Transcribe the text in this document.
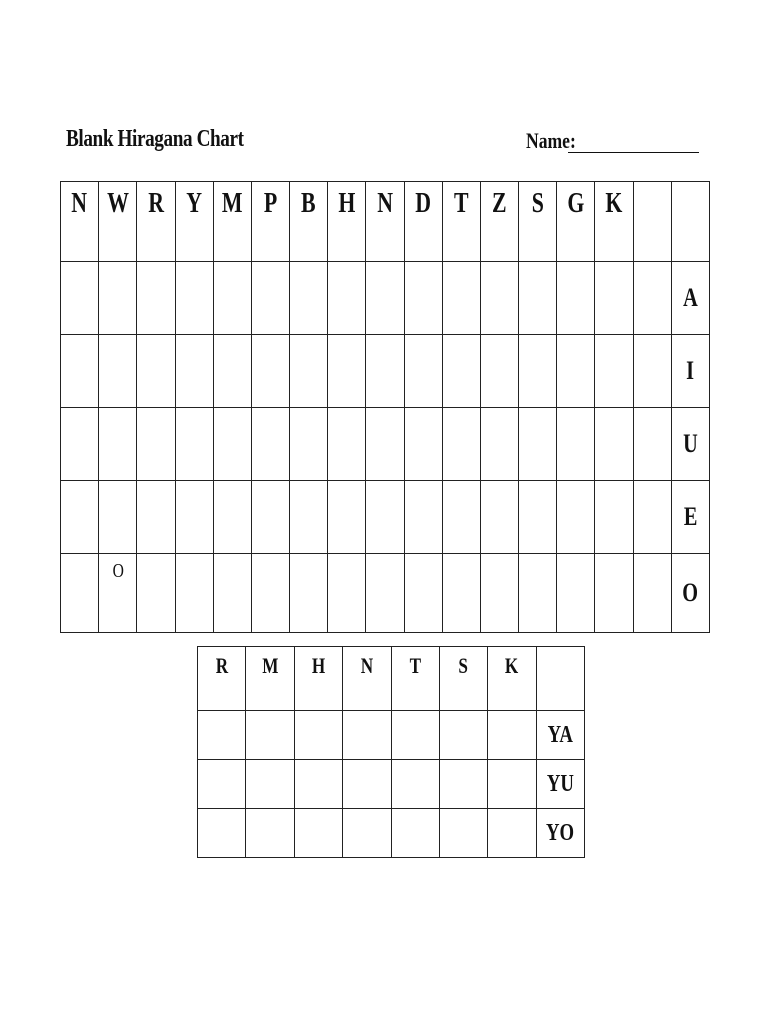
Blank Hiragana Chart	Name:
N	W	R	Y	M	P	B	H	N	D	T	Z	S	G	K		
																A
																I
																U
																E
	O															O
R	M	H	N	T	S	K	
							YA
							YU
							YO
